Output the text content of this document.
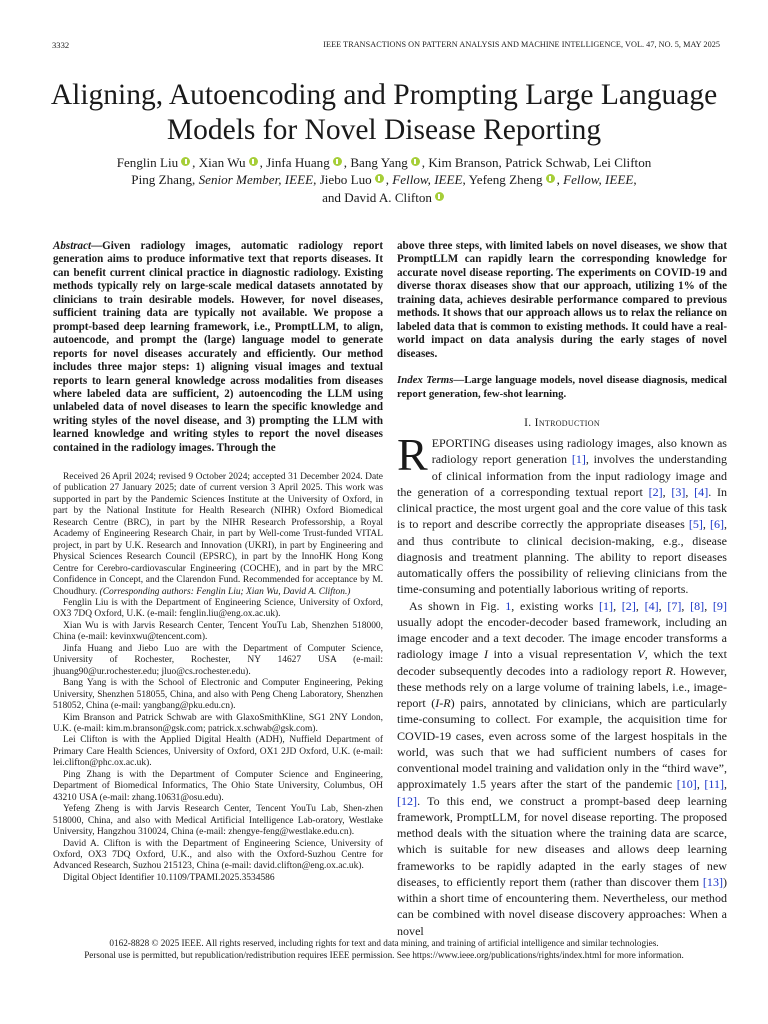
3332	IEEE TRANSACTIONS ON PATTERN ANALYSIS AND MACHINE INTELLIGENCE, VOL. 47, NO. 5, MAY 2025
Aligning, Autoencoding and Prompting Large Language Models for Novel Disease Reporting
Fenglin Liu , Xian Wu , Jinfa Huang , Bang Yang , Kim Branson, Patrick Schwab, Lei Clifton
Ping Zhang, Senior Member, IEEE, Jiebo Luo , Fellow, IEEE, Yefeng Zheng , Fellow, IEEE,
and David A. Clifton

Abstract—Given radiology images, automatic radiology report generation aims to produce informative text that reports diseases. It can benefit current clinical practice in diagnostic radiology. Existing methods typically rely on large-scale medical datasets annotated by clinicians to train desirable models. However, for novel diseases, sufficient training data are typically not available. We propose a prompt-based deep learning framework, i.e., PromptLLM, to align, autoencode, and prompt the (large) language model to generate reports for novel diseases accurately and efficiently. Our method includes three major steps: 1) aligning visual images and textual reports to learn general knowledge across modalities from diseases where labeled data are sufficient, 2) autoencoding the LLM using unlabeled data of novel diseases to learn the specific knowledge and writing styles of the novel disease, and 3) prompting the LLM with learned knowledge and writing styles to report the novel diseases contained in the radiology images. Through the

Received 26 April 2024; revised 9 October 2024; accepted 31 December 2024. Date of publication 27 January 2025; date of current version 3 April 2025. This work was supported in part by the Pandemic Sciences Institute at the University of Oxford, in part by the National Institute for Health Research (NIHR) Oxford Biomedical Research Centre (BRC), in part by the NIHR Research Professorship, a Royal Academy of Engineering Research Chair, in part by Well-come Trust-funded VITAL project, in part by U.K. Research and Innovation (UKRI), in part by Engineering and Physical Sciences Research Council (EPSRC), in part by the InnoHK Hong Kong Centre for Cerebro-cardiovascular Engineering (COCHE), and in part by the MRC Confidence in Concept, and the Clarendon Fund. Recommended for acceptance by M. Choudhury. (Corresponding authors: Fenglin Liu; Xian Wu, David A. Clifton.)

Fenglin Liu is with the Department of Engineering Science, University of Oxford, OX3 7DQ Oxford, U.K. (e-mail: fenglin.liu@eng.ox.ac.uk).

Xian Wu is with Jarvis Research Center, Tencent YouTu Lab, Shenzhen 518000, China (e-mail: kevinxwu@tencent.com).

Jinfa Huang and Jiebo Luo are with the Department of Computer Science, University of Rochester, Rochester, NY 14627 USA (e-mail: jhuang90@ur.rochester.edu; jluo@cs.rochester.edu).

Bang Yang is with the School of Electronic and Computer Engineering, Peking University, Shenzhen 518055, China, and also with Peng Cheng Laboratory, Shenzhen 518052, China (e-mail: yangbang@pku.edu.cn).

Kim Branson and Patrick Schwab are with GlaxoSmithKline, SG1 2NY London, U.K. (e-mail: kim.m.branson@gsk.com; patrick.x.schwab@gsk.com).

Lei Clifton is with the Applied Digital Health (ADH), Nuffield Department of Primary Care Health Sciences, University of Oxford, OX1 2JD Oxford, U.K. (e-mail: lei.clifton@phc.ox.ac.uk).

Ping Zhang is with the Department of Computer Science and Engineering, Department of Biomedical Informatics, The Ohio State University, Columbus, OH 43210 USA (e-mail: zhang.10631@osu.edu).

Yefeng Zheng is with Jarvis Research Center, Tencent YouTu Lab, Shen-zhen 518000, China, and also with Medical Artificial Intelligence Lab-oratory, Westlake University, Hangzhou 310024, China (e-mail: zhengye-feng@westlake.edu.cn).

David A. Clifton is with the Department of Engineering Science, University of Oxford, OX3 7DQ Oxford, U.K., and also with the Oxford-Suzhou Centre for Advanced Research, Suzhou 215123, China (e-mail: david.clifton@eng.ox.ac.uk).

Digital Object Identifier 10.1109/TPAMI.2025.3534586

above three steps, with limited labels on novel diseases, we show that PromptLLM can rapidly learn the corresponding knowledge for accurate novel disease reporting. The experiments on COVID-19 and diverse thorax diseases show that our approach, utilizing 1% of the training data, achieves desirable performance compared to previous methods. It shows that our approach allows us to relax the reliance on labeled data that is common to existing methods. It could have a real-world impact on data analysis during the early stages of novel diseases.

Index Terms—Large language models, novel disease diagnosis, medical report generation, few-shot learning.

I. Introduction

REPORTING diseases using radiology images, also known as radiology report generation [1], involves the understanding of clinical information from the input radiology image and the generation of a corresponding textual report [2], [3], [4]. In clinical practice, the most urgent goal and the core value of this task is to report and describe correctly the appropriate diseases [5], [6], and thus contribute to clinical decision-making, e.g., disease diagnosis and treatment planning. The ability to report diseases automatically offers the possibility of relieving clinicians from the time-consuming and potentially laborious writing of reports.

As shown in Fig. 1, existing works [1], [2], [4], [7], [8], [9] usually adopt the encoder-decoder based framework, including an image encoder and a text decoder. The image encoder transforms a radiology image I into a visual representation V, which the text decoder subsequently decodes into a radiology report R. However, these methods rely on a large volume of training labels, i.e., image-report (I-R) pairs, annotated by clinicians, which are particularly time-consuming to collect. For example, the acquisition time for COVID-19 cases, even across some of the largest hospitals in the world, was such that we had sufficient numbers of cases for conventional model training and validation only in the “third wave”, approximately 1.5 years after the start of the pandemic [10], [11], [12]. To this end, we construct a prompt-based deep learning framework, PromptLLM, for novel disease reporting. The proposed method deals with the situation where the training data are scarce, which is suitable for new diseases and allows deep learning frameworks to be rapidly adapted in the early stages of new diseases, to efficiently report them (rather than discover them [13]) within a short time of encountering them. Nevertheless, our method can be combined with novel disease discovery approaches: When a novel

0162-8828 © 2025 IEEE. All rights reserved, including rights for text and data mining, and training of artificial intelligence and similar technologies.
Personal use is permitted, but republication/redistribution requires IEEE permission. See https://www.ieee.org/publications/rights/index.html for more information.
